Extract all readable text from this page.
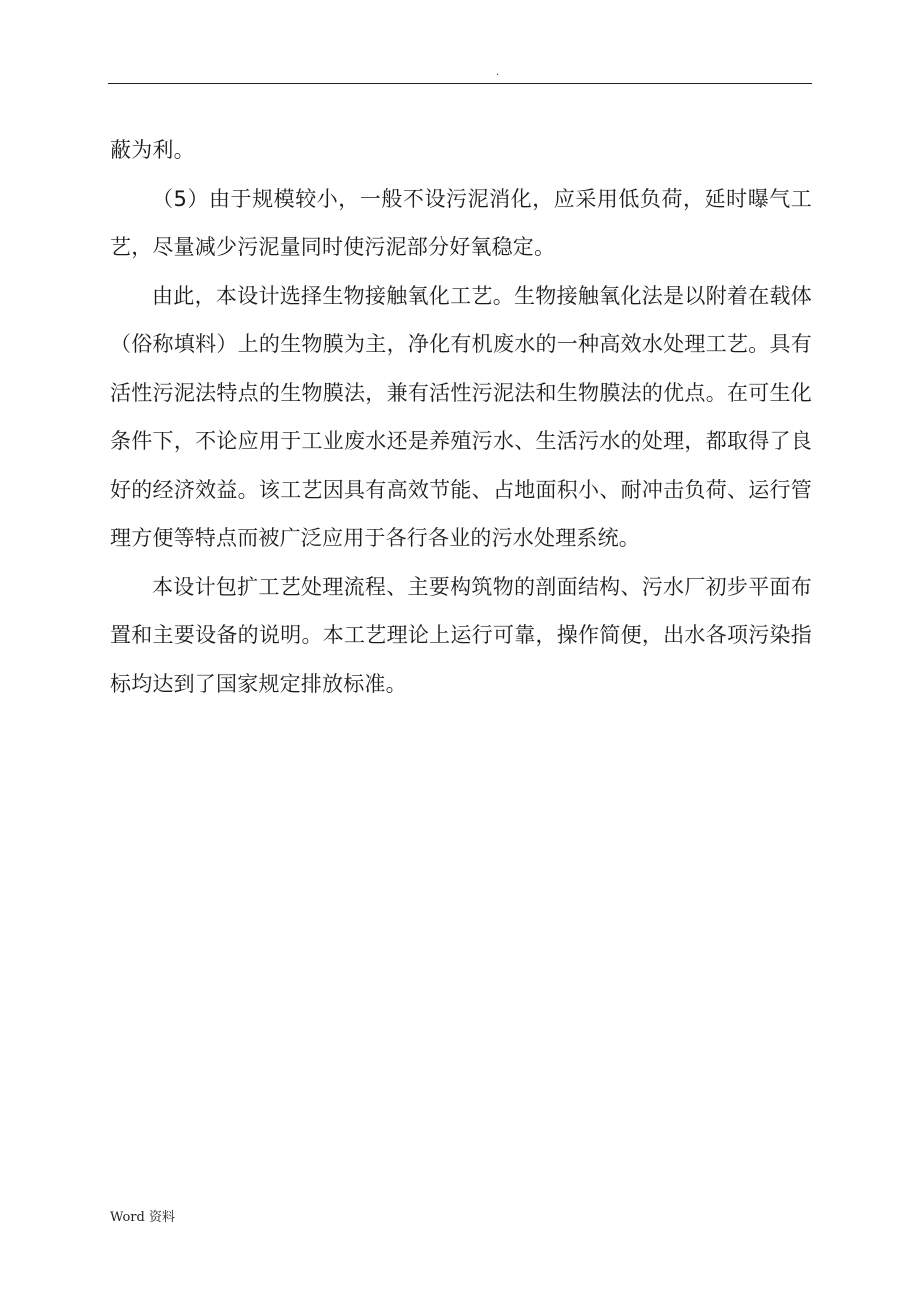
.

蔽为利。

（5）由于规模较小，一般不设污泥消化，应采用低负荷，延时曝气工艺，尽量减少污泥量同时使污泥部分好氧稳定。

由此，本设计选择生物接触氧化工艺。生物接触氧化法是以附着在载体（俗称填料）上的生物膜为主，净化有机废水的一种高效水处理工艺。具有活性污泥法特点的生物膜法，兼有活性污泥法和生物膜法的优点。在可生化条件下，不论应用于工业废水还是养殖污水、生活污水的处理，都取得了良好的经济效益。该工艺因具有高效节能、占地面积小、耐冲击负荷、运行管理方便等特点而被广泛应用于各行各业的污水处理系统。

本设计包扩工艺处理流程、主要构筑物的剖面结构、污水厂初步平面布置和主要设备的说明。本工艺理论上运行可靠，操作简便，出水各项污染指标均达到了国家规定排放标准。

Word 资料
